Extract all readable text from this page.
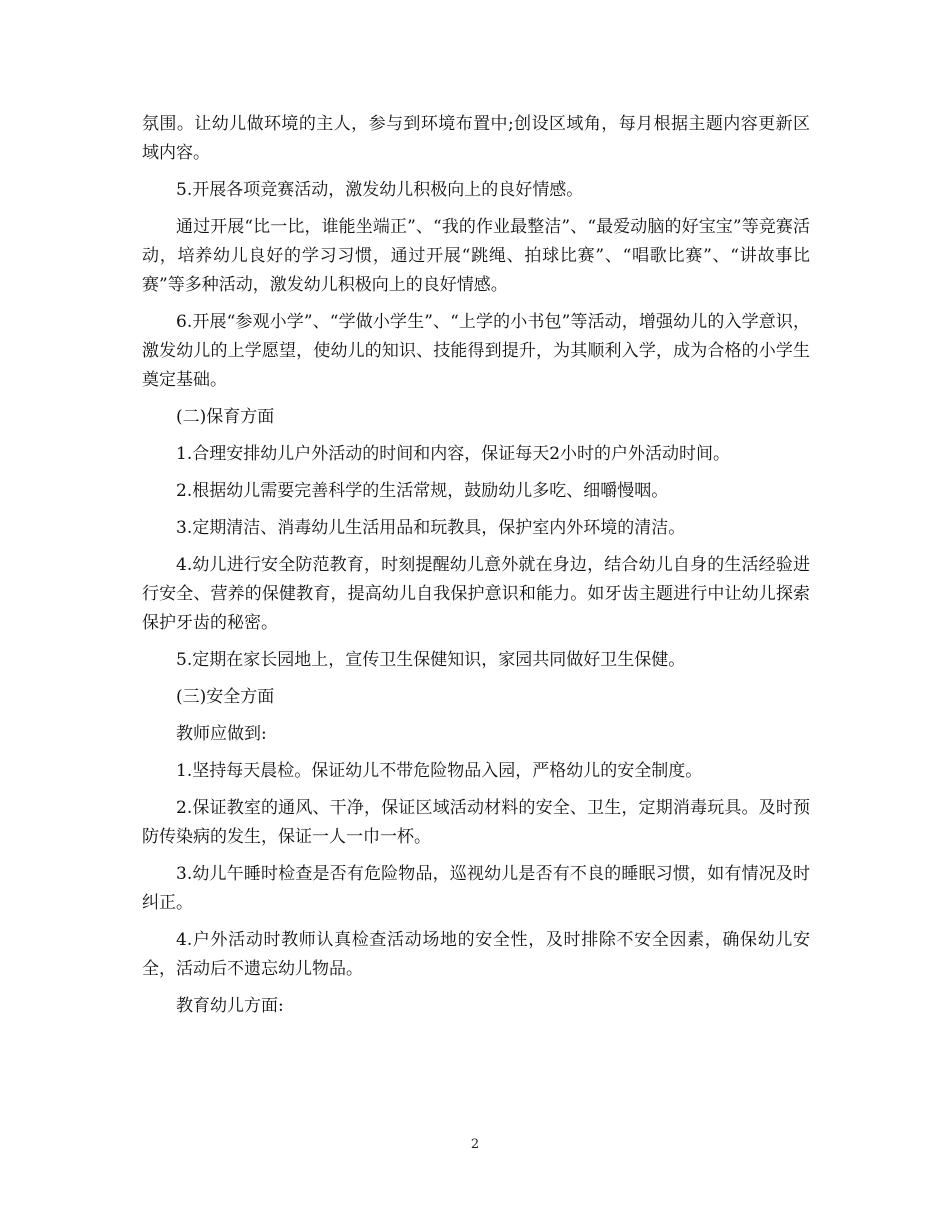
氛围。让幼儿做环境的主人，参与到环境布置中;创设区域角，每月根据主题内容更新区域内容。

5.开展各项竞赛活动，激发幼儿积极向上的良好情感。

通过开展“比一比，谁能坐端正”、“我的作业最整洁”、“最爱动脑的好宝宝”等竞赛活动，培养幼儿良好的学习习惯，通过开展“跳绳、拍球比赛”、“唱歌比赛”、“讲故事比赛”等多种活动，激发幼儿积极向上的良好情感。

6.开展“参观小学”、“学做小学生”、“上学的小书包”等活动，增强幼儿的入学意识，激发幼儿的上学愿望，使幼儿的知识、技能得到提升，为其顺利入学，成为合格的小学生奠定基础。

(二)保育方面

1.合理安排幼儿户外活动的时间和内容，保证每天2小时的户外活动时间。

2.根据幼儿需要完善科学的生活常规，鼓励幼儿多吃、细嚼慢咽。

3.定期清洁、消毒幼儿生活用品和玩教具，保护室内外环境的清洁。

4.幼儿进行安全防范教育，时刻提醒幼儿意外就在身边，结合幼儿自身的生活经验进行安全、营养的保健教育，提高幼儿自我保护意识和能力。如牙齿主题进行中让幼儿探索保护牙齿的秘密。

5.定期在家长园地上，宣传卫生保健知识，家园共同做好卫生保健。

(三)安全方面

教师应做到:

1.坚持每天晨检。保证幼儿不带危险物品入园，严格幼儿的安全制度。

2.保证教室的通风、干净，保证区域活动材料的安全、卫生，定期消毒玩具。及时预防传染病的发生，保证一人一巾一杯。

3.幼儿午睡时检查是否有危险物品，巡视幼儿是否有不良的睡眠习惯，如有情况及时纠正。

4.户外活动时教师认真检查活动场地的安全性，及时排除不安全因素，确保幼儿安全，活动后不遗忘幼儿物品。

教育幼儿方面:

2
